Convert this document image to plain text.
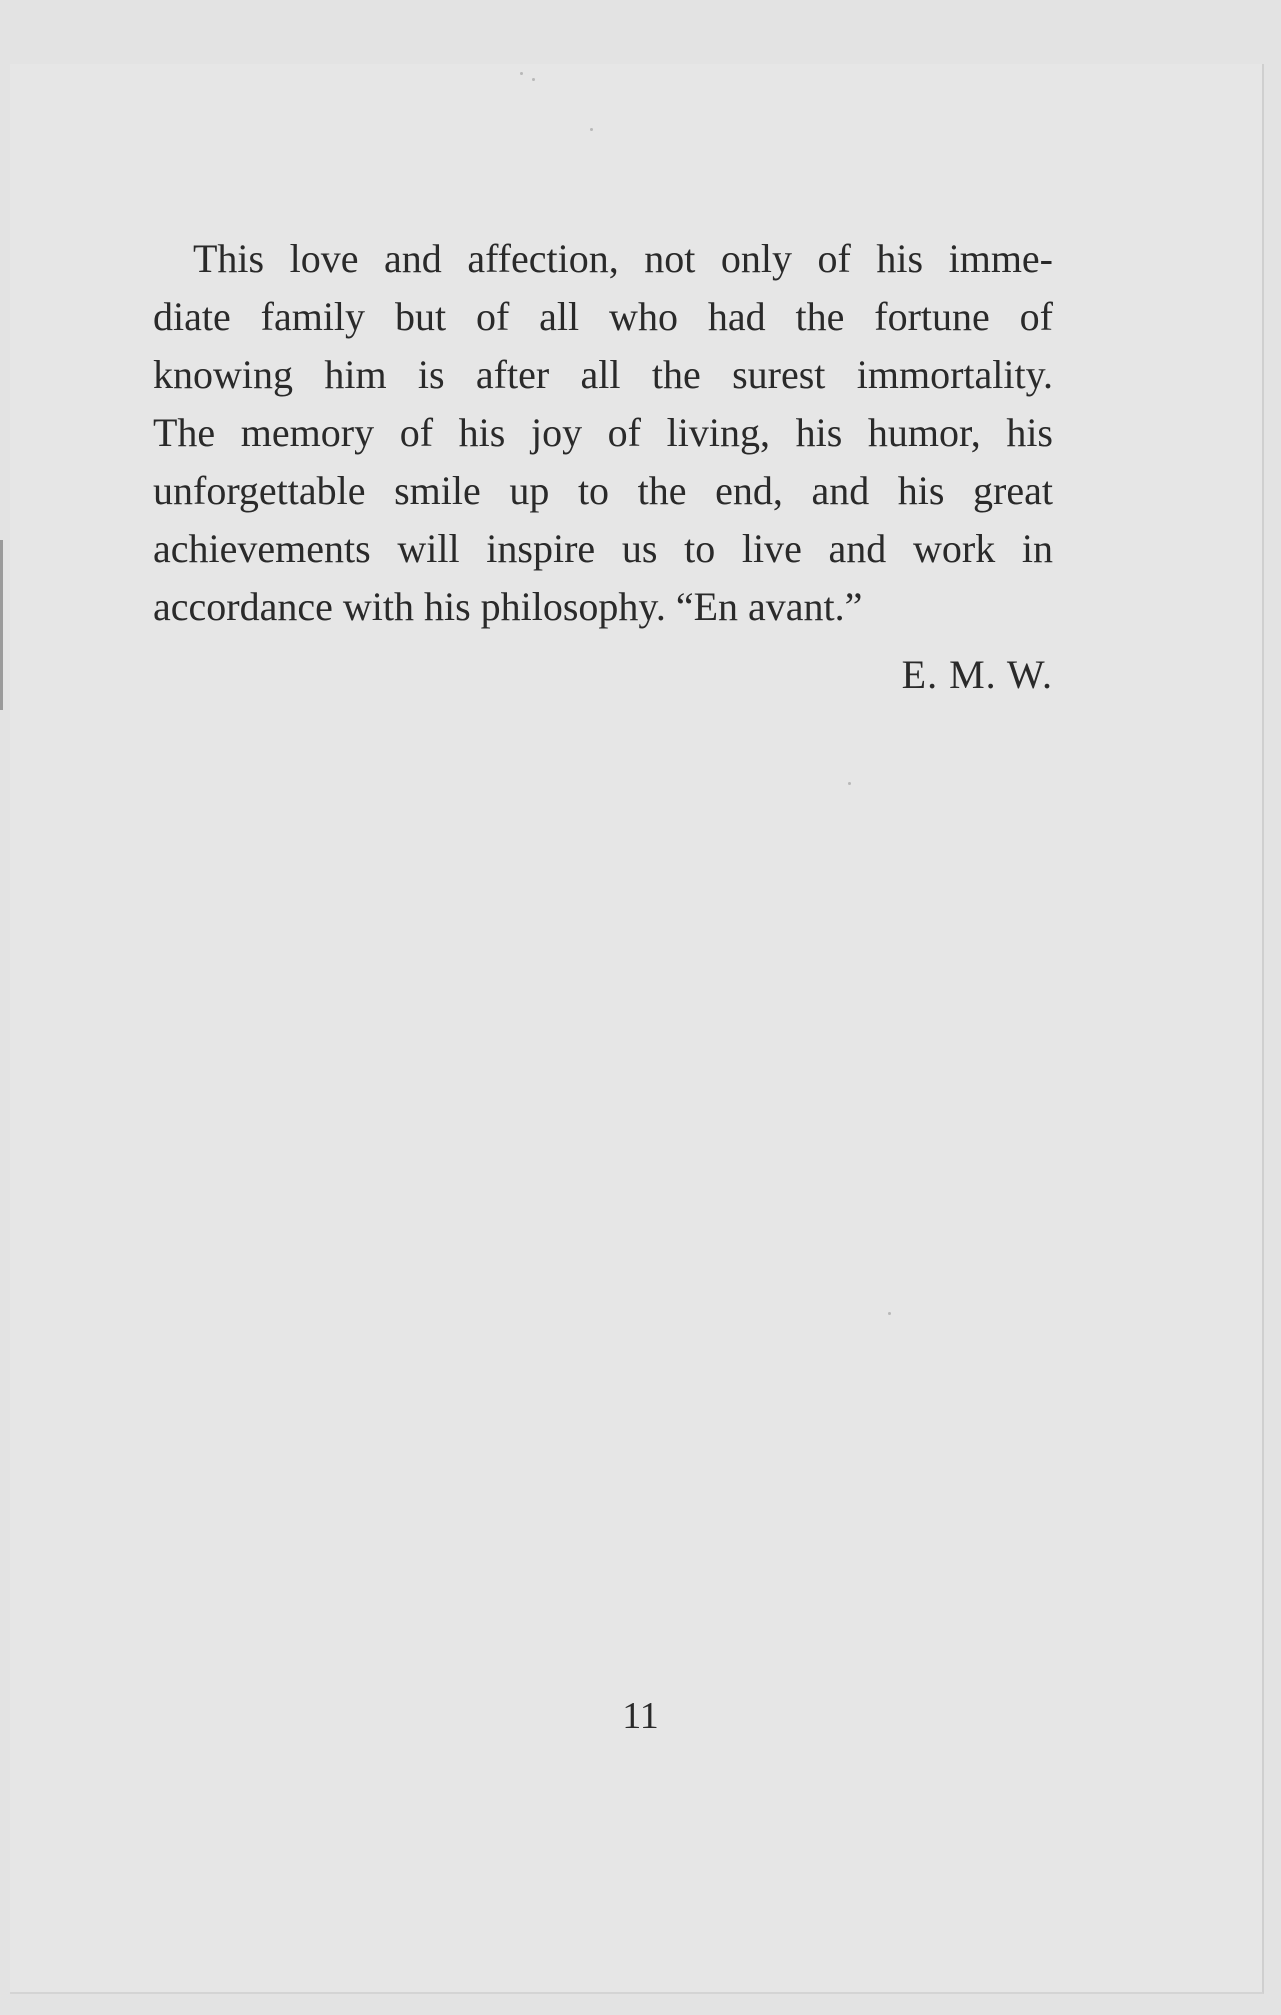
This love and affection, not only of his imme-
diate family but of all who had the fortune of
knowing him is after all the surest immortality.
The memory of his joy of living, his humor, his
unforgettable smile up to the end, and his great
achievements will inspire us to live and work in
accordance with his philosophy. “En avant.”

E. M. W.
11
